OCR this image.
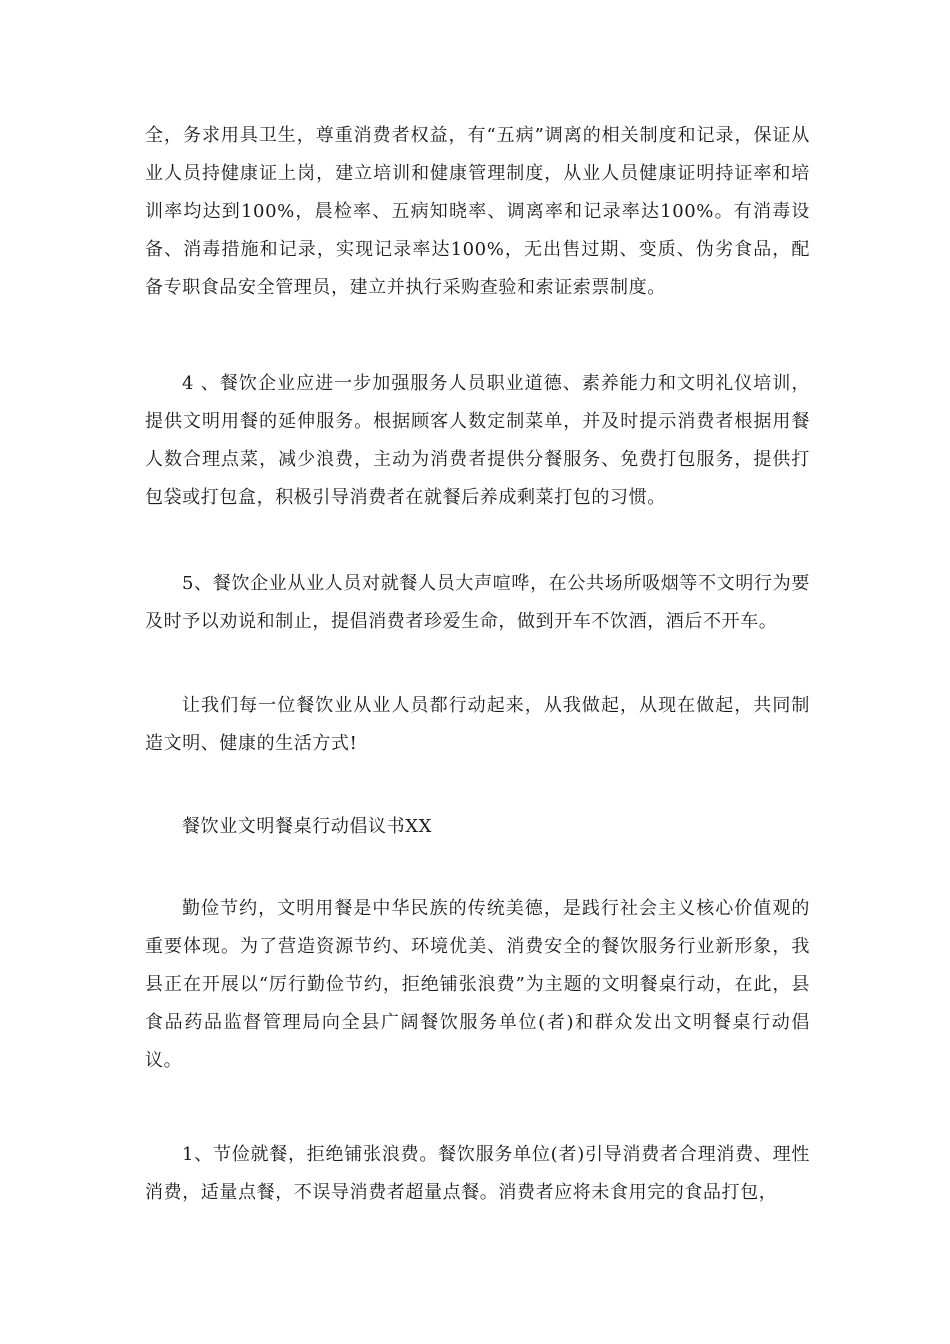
全，务求用具卫生，尊重消费者权益，有“五病”调离的相关制度和记录，保证从业人员持健康证上岗，建立培训和健康管理制度，从业人员健康证明持证率和培训率均达到100%，晨检率、五病知晓率、调离率和记录率达100%。有消毒设备、消毒措施和记录，实现记录率达100%，无出售过期、变质、伪劣食品，配备专职食品安全管理员，建立并执行采购查验和索证索票制度。

4 、餐饮企业应进一步加强服务人员职业道德、素养能力和文明礼仪培训，提供文明用餐的延伸服务。根据顾客人数定制菜单，并及时提示消费者根据用餐人数合理点菜，减少浪费，主动为消费者提供分餐服务、免费打包服务，提供打包袋或打包盒，积极引导消费者在就餐后养成剩菜打包的习惯。

5、餐饮企业从业人员对就餐人员大声喧哗，在公共场所吸烟等不文明行为要及时予以劝说和制止，提倡消费者珍爱生命，做到开车不饮酒，酒后不开车。

让我们每一位餐饮业从业人员都行动起来，从我做起，从现在做起，共同制造文明、健康的生活方式!

餐饮业文明餐桌行动倡议书XX

勤俭节约，文明用餐是中华民族的传统美德，是践行社会主义核心价值观的重要体现。为了营造资源节约、环境优美、消费安全的餐饮服务行业新形象，我县正在开展以“厉行勤俭节约，拒绝铺张浪费”为主题的文明餐桌行动，在此，县食品药品监督管理局向全县广阔餐饮服务单位(者)和群众发出文明餐桌行动倡议。

1、节俭就餐，拒绝铺张浪费。餐饮服务单位(者)引导消费者合理消费、理性消费，适量点餐，不误导消费者超量点餐。消费者应将未食用完的食品打包，
